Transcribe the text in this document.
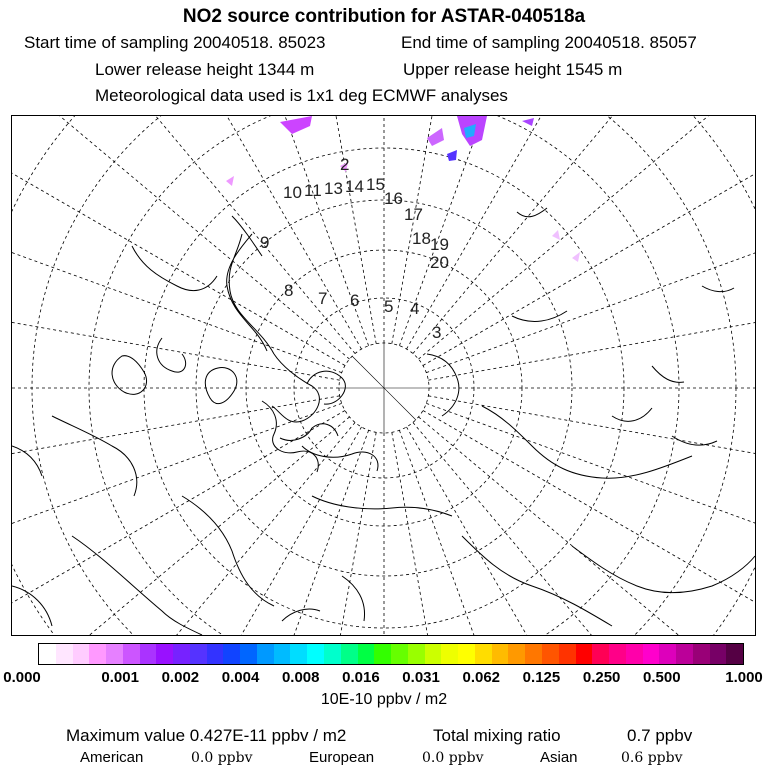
NO2 source contribution for ASTAR-040518a
Start time of sampling 20040518. 85023	End time of sampling 20040518. 85057
Lower release height 1344 m	Upper release height 1545 m
Meteorological data used is 1x1 deg ECMWF analyses
2
10 11 13 14 15
16
17
18 19
20
9
8 7 6 5 4
3
0.000	0.001 0.002 0.004 0.008 0.016 0.031 0.062 0.125 0.250 0.500	1.000
10E-10 ppbv / m2
Maximum value 0.427E-11 ppbv / m2	Total mixing ratio	0.7 ppbv
American	0.0 ppbv	European	0.0 ppbv	Asian	0.6 ppbv
